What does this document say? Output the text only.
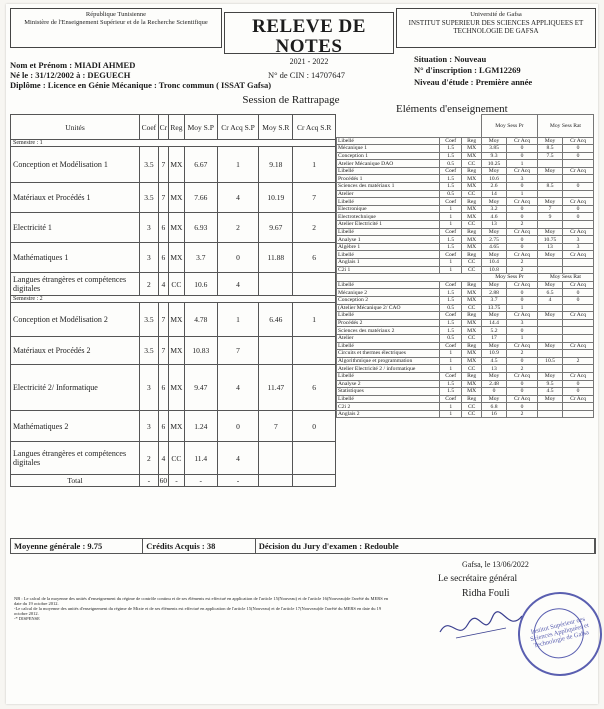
République Tunisienne
Ministère de l'Enseignement Supérieur et de la Recherche Scientifique	RELEVE DE NOTES
2021 - 2022
Université de Gafsa
INSTITUT SUPERIEUR DES SCIENCES APPLIQUEES ET TECHNOLOGIE DE GAFSA
Nom et Prénom : MIADI AHMED
Né le : 31/12/2002 à : DEGUECH	N° de CIN : 14707647
Diplôme : Licence en Génie Mécanique : Tronc commun ( ISSAT Gafsa)
Situation : Nouveau
N° d'inscription : LGM12269
Niveau d'étude : Première année
Session de Rattrapage
Eléments d'enseignement
Unités	Coef	Cr	Reg	Moy S.P	Cr Acq S.P	Moy S.R	Cr Acq S.R
Semestre : 1							
Conception et Modélisation 1	3.5	7	MX	6.67	1	9.18	1
Matériaux et Procédés 1	3.5	7	MX	7.66	4	10.19	7
Electricité 1	3	6	MX	6.93	2	9.67	2
Mathématiques 1	3	6	MX	3.7	0	11.88	6
Langues étrangères et compétences digitales	2	4	CC	10.6	4		
Semestre : 2							
Conception et Modélisation 2	3.5	7	MX	4.78	1	6.46	1
Matériaux et Procédés 2	3.5	7	MX	10.83	7		
Electricité 2/ Informatique	3	6	MX	9.47	4	11.47	6
Mathématiques 2	3	6	MX	1.24	0	7	0
Langues étrangères et compétences digitales	2	4	CC	11.4	4		
Total	-	60	-	-	-		
			Moy Sess Pr		Moy Sess Rat	
Libellé	Coef	Reg	Moy	Cr Acq	Moy	Cr Acq
Mécanique 1	1.5	MX	3.85	0	8.5	0
Conception 1	1.5	MX	9.3	0	7.5	0
Atelier Mécanique DAO	0.5	CC	10.25	1		
Libellé	Coef	Reg	Moy	Cr Acq	Moy	Cr Acq
Procédés 1	1.5	MX	10.6	3		
Sciences des matériaux 1	1.5	MX	2.6	0	8.5	0
Atelier	0.5	CC	14	1		
Libellé	Coef	Reg	Moy	Cr Acq	Moy	Cr Acq
Electronique	1	MX	3.2	0	7	0
Electrotechnique	1	MX	4.6	0	9	0
Atelier Electricité 1	1	CC	13	2		
Libellé	Coef	Reg	Moy	Cr Acq	Moy	Cr Acq
Analyse 1	1.5	MX	2.75	0	10.75	3
Algèbre 1	1.5	MX	4.65	0	13	3
Libellé	Coef	Reg	Moy	Cr Acq	Moy	Cr Acq
Anglais 1	1	CC	10.4	2		
C2i 1	1	CC	10.8	2		
			Moy Sess Pr		Moy Sess Rat	
Libellé	Coef	Reg	Moy	Cr Acq	Moy	Cr Acq
Mécanique 2	1.5	MX	2.88	0	6.5	0
Conception 2	1.5	MX	3.7	0	4	0
(Atelier Mécanique 2/ CAO	0.5	CC	13.75	1		
Libellé	Coef	Reg	Moy	Cr Acq	Moy	Cr Acq
Procédés 2	1.5	MX	14.4	3		
Sciences des matériaux 2	1.5	MX	5.2	0		
Atelier	0.5	CC	17	1		
Libellé	Coef	Reg	Moy	Cr Acq	Moy	Cr Acq
Circuits et thermes électriques	1	MX	10.9	2		
Algorithmique et programmation	1	MX	4.5	0	10.5	2
Atelier Electricité 2 / informatique	1	CC	13	2		
Libellé	Coef	Reg	Moy	Cr Acq	Moy	Cr Acq
Analyse 2	1.5	MX	2.48	0	9.5	0
Statistiques	1.5	MX	0	0	4.5	0
Libellé	Coef	Reg	Moy	Cr Acq	Moy	Cr Acq
C2i 2	1	CC	6.8	0		
Anglais 2	1	CC	16	2		
NB : Le calcul de la moyenne des unités d'enseignement du régime de contrôle continu et de ses éléments est effectué en application de l'article 15(Nouveau) et de l'article 16(Nouveau)de l'arrêté du MERS en date du 19 octobre 2012.
-Le calcul de la moyenne des unités d'enseignement du régime de Mixte et de ses éléments est effectué en application de l'article 15(Nouveau) et de l'article 17(Nouveau)de l'arrêté du MERS en date du 19 octobre 2012.
-* DISPENSE
Gafsa, le 13/06/2022
Le secrétaire général
Ridha Fouli
Institut Supérieur des Sciences Appliquées et Technologie de Gafsa
Moyenne générale : 9.75	Crédits Acquis : 38	Décision du Jury d'examen : Redouble
